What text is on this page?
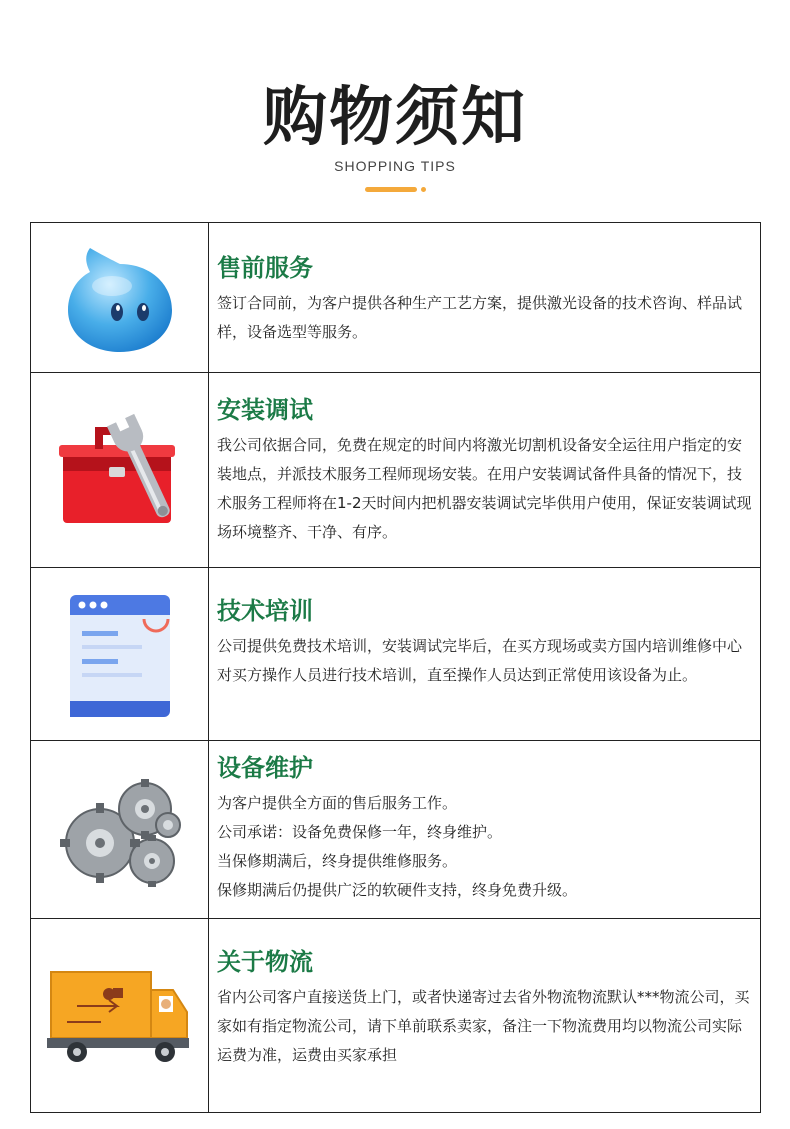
购物须知
SHOPPING TIPS
售前服务

签订合同前，为客户提供各种生产工艺方案，提供激光设备的技术咨询、样品试样，设备选型等服务。

安装调试

我公司依据合同，免费在规定的时间内将激光切割机设备安全运往用户指定的安装地点，并派技术服务工程师现场安装。在用户安装调试备件具备的情况下，技术服务工程师将在1-2天时间内把机器安装调试完毕供用户使用，保证安装调试现场环境整齐、干净、有序。

技术培训

公司提供免费技术培训，安装调试完毕后，在买方现场或卖方国内培训维修中心对买方操作人员进行技术培训，直至操作人员达到正常使用该设备为止。

设备维护

为客户提供全方面的售后服务工作。

公司承诺：设备免费保修一年，终身维护。

当保修期满后，终身提供维修服务。

保修期满后仍提供广泛的软硬件支持，终身免费升级。

关于物流

省内公司客户直接送货上门，或者快递寄过去省外物流物流默认***物流公司，买家如有指定物流公司，请下单前联系卖家，备注一下物流费用均以物流公司实际运费为准，运费由买家承担
